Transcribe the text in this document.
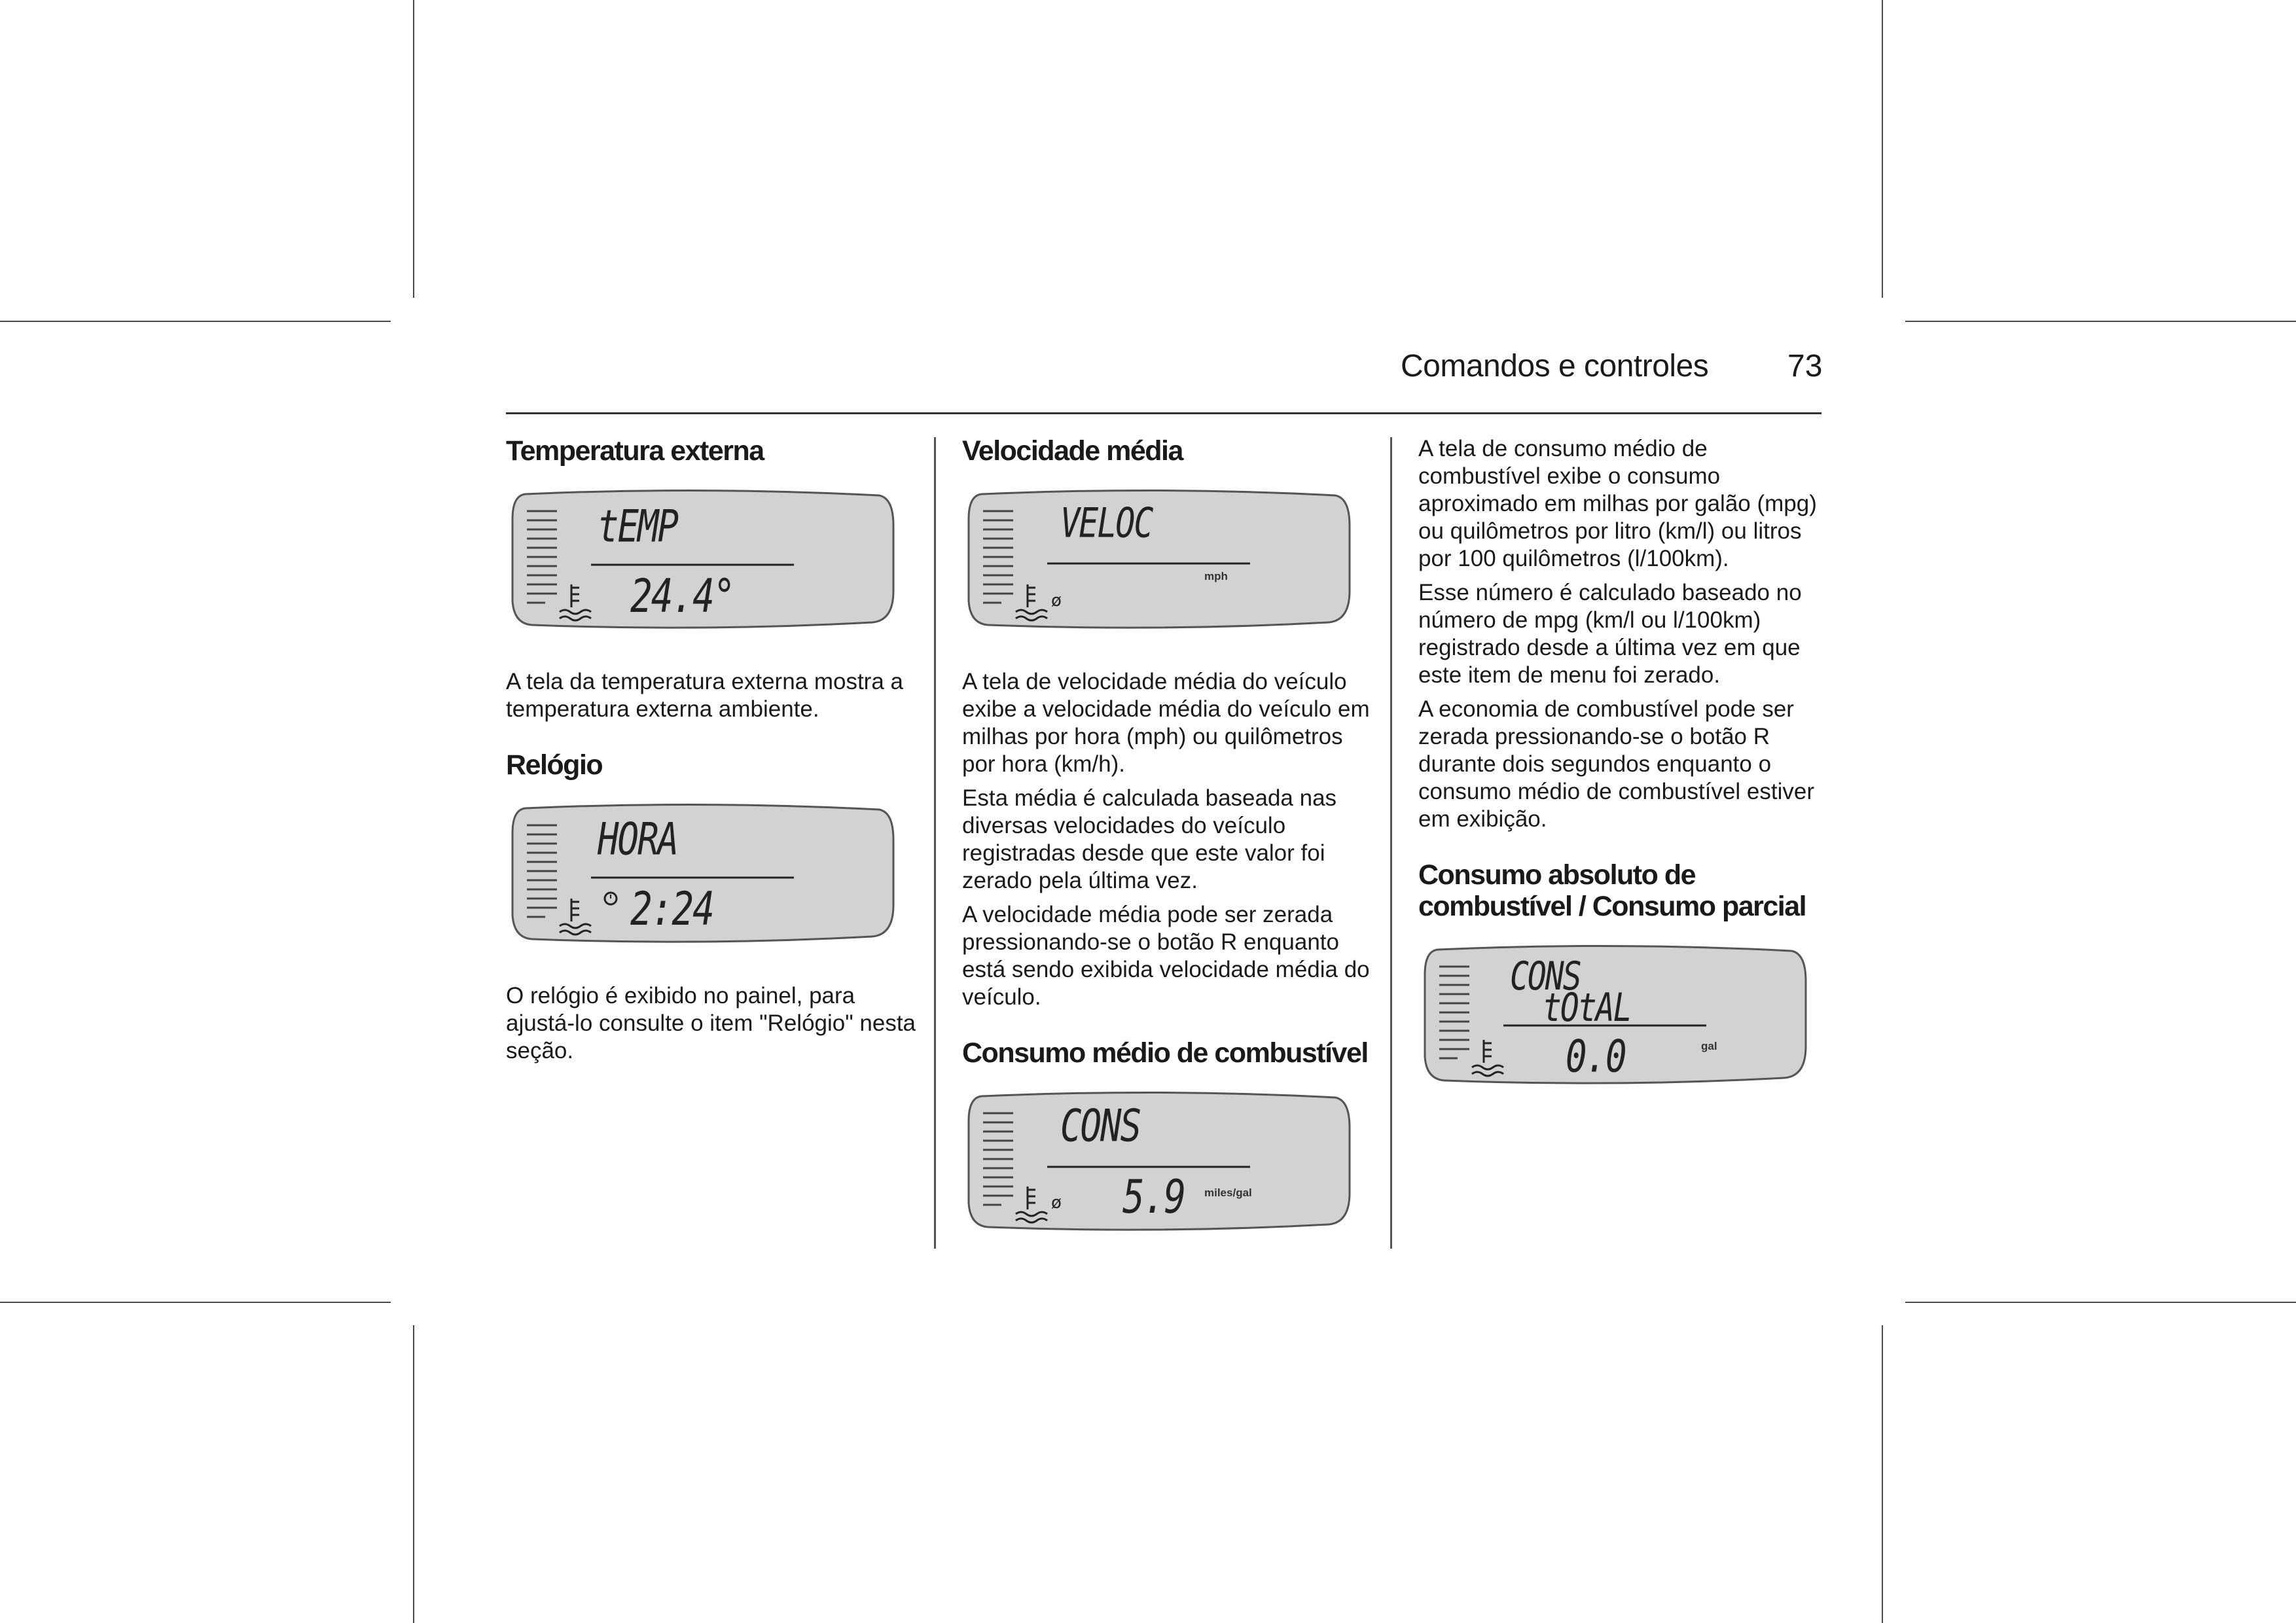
Comandos e controles	73
Temperatura externa
tEMP
24.4°

A tela da temperatura externa mostra a temperatura externa ambiente.

Relógio
HORA
2:24

O relógio é exibido no painel, para ajustá-lo consulte o item "Relógio" nesta seção.

Velocidade média
VELOC
ø
mph

A tela de velocidade média do veículo exibe a velocidade média do veículo em milhas por hora (mph) ou quilômetros por hora (km/h).

Esta média é calculada baseada nas diversas velocidades do veículo registradas desde que este valor foi zerado pela última vez.

A velocidade média pode ser zerada pressionando-se o botão R enquanto está sendo exibida velocidade média do veículo.

Consumo médio de combustível
CONS
ø 5.9 miles/gal

A tela de consumo médio de combustível exibe o consumo aproximado em milhas por galão (mpg) ou quilômetros por litro (km/l) ou litros por 100 quilômetros (l/100km).

Esse número é calculado baseado no número de mpg (km/l ou l/100km) registrado desde a última vez em que este item de menu foi zerado.

A economia de combustível pode ser zerada pressionando-se o botão R durante dois segundos enquanto o consumo médio de combustível estiver em exibição.

Consumo absoluto de combustível / Consumo parcial
CONS
tOtAL
0.0	gal
